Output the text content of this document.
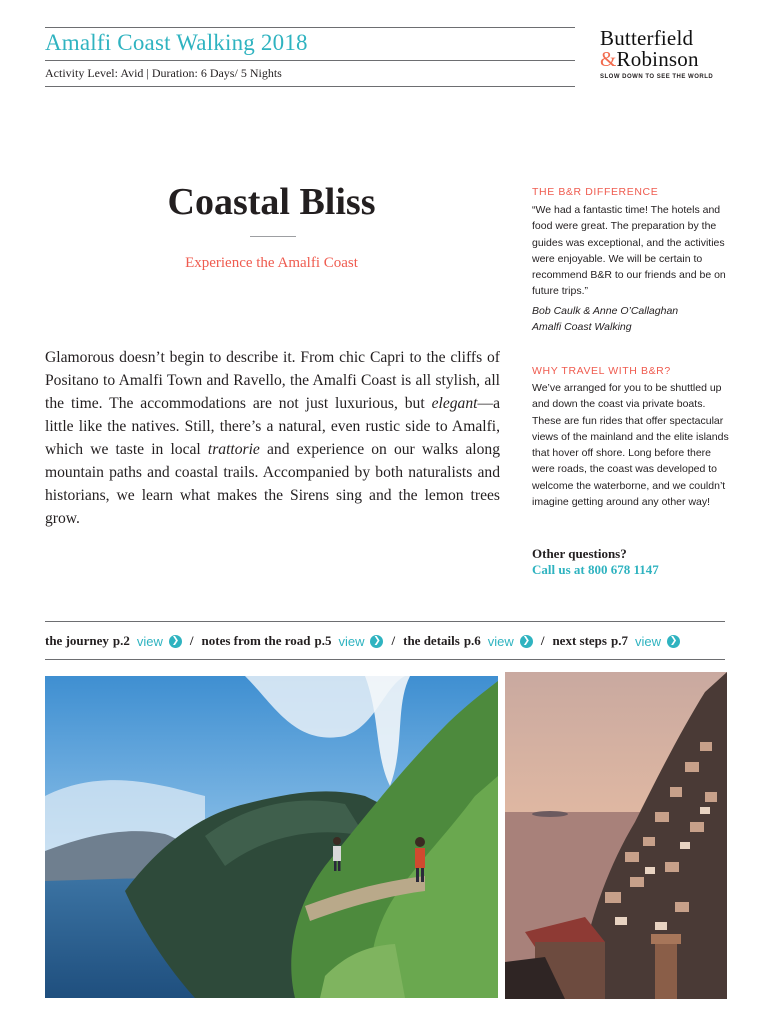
Amalfi Coast Walking 2018
Activity Level: Avid | Duration: 6 Days/ 5 Nights
Butterfield
&Robinson
SLOW DOWN TO SEE THE WORLD
Coastal Bliss
Experience the Amalfi Coast
Glamorous doesn’t begin to describe it. From chic Capri to the cliffs of Positano to Amalfi Town and Ravello, the Amalfi Coast is all stylish, all the time. The accommodations are not just luxurious, but elegant—a little like the natives. Still, there’s a natural, even rustic side to Amalfi, which we taste in local trattorie and experience on our walks along mountain paths and coastal trails. Accompanied by both naturalists and historians, we learn what makes the Sirens sing and the lemon trees grow.
THE B&R DIFFERENCE
“We had a fantastic time! The hotels and food were great. The preparation by the guides was exceptional, and the activities were enjoyable. We will be certain to recommend B&R to our friends and be on future trips.”
Bob Caulk & Anne O’Callaghan
Amalfi Coast Walking
WHY TRAVEL WITH B&R?
We’ve arranged for you to be shuttled up and down the coast via private boats. These are fun rides that offer spectacular views of the mainland and the elite islands that hover off shore. Long before there were roads, the coast was developed to welcome the waterborne, and we couldn’t imagine getting around any other way!
Other questions?
Call us at 800 678 1147
the journey p.2 view ❯ / notes from the road p.5 view ❯ / the details p.6 view ❯ / next steps p.7 view ❯
